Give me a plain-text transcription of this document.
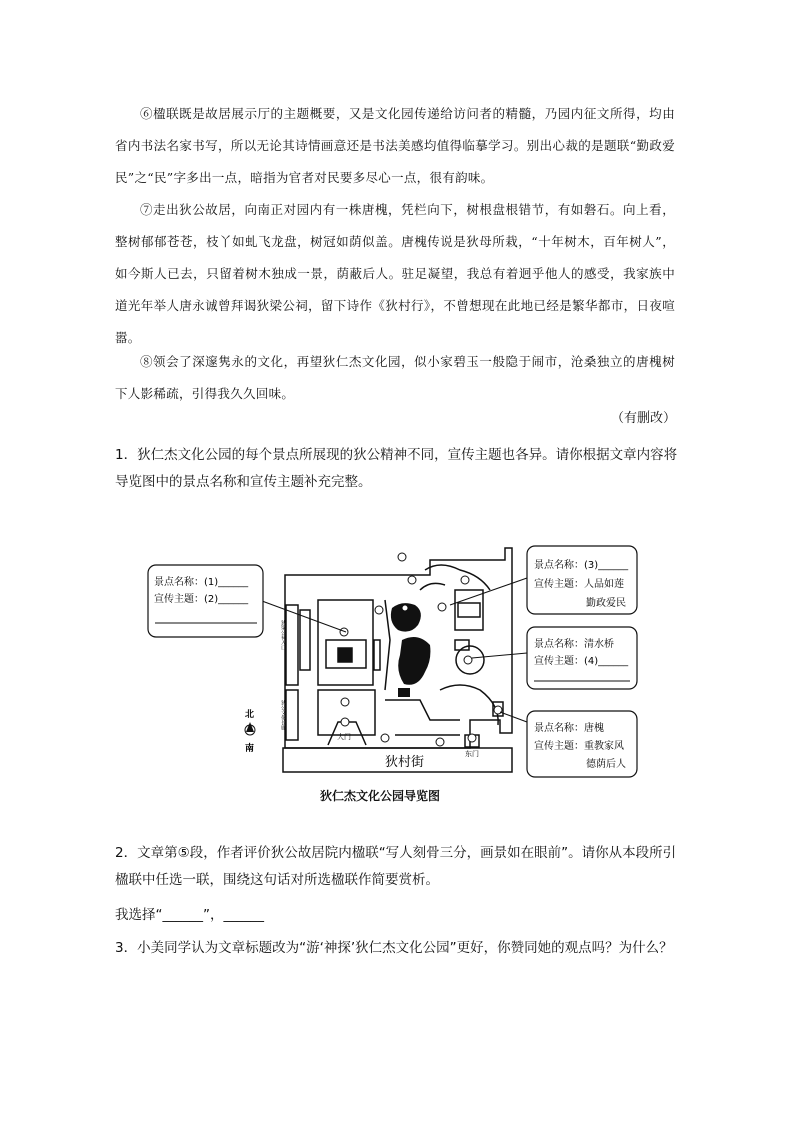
⑥楹联既是故居展示厅的主题概要，又是文化园传递给访问者的精髓，乃园内征文所得，均由省内书法名家书写，所以无论其诗情画意还是书法美感均值得临摹学习。别出心裁的是题联“勤政爱民”之“民”字多出一点，暗指为官者对民要多尽心一点，很有韵味。

⑦走出狄公故居，向南正对园内有一株唐槐，凭栏向下，树根盘根错节，有如磐石。向上看，整树郁郁苍苍，枝丫如虬飞龙盘，树冠如荫似盖。唐槐传说是狄母所栽，“十年树木，百年树人”，如今斯人已去，只留着树木独成一景，荫蔽后人。驻足凝望，我总有着迥乎他人的感受，我家族中道光年举人唐永诚曾拜谒狄梁公祠，留下诗作《狄村行》，不曾想现在此地已经是繁华都市，日夜喧嚣。

⑧领会了深邃隽永的文化，再望狄仁杰文化园，似小家碧玉一般隐于闹市，沧桑独立的唐槐树下人影稀疏，引得我久久回味。

（有删改）

1．狄仁杰文化公园的每个景点所展现的狄公精神不同，宣传主题也各异。请你根据文章内容将导览图中的景点名称和宣传主题补充完整。

景点名称：(1)______
宣传主题：(2)______
景点名称：(3)______
宣传主题：人品如莲
勤政爱民
景点名称：清水桥
宣传主题：(4)______
景点名称：唐槐
宣传主题：重教家风
德荫后人
狄村街
大门
东门
狄梁公祠入口
狄公文化长廊
北
南
狄仁杰文化公园导览图

2．文章第⑤段，作者评价狄公故居院内楹联“写人刻骨三分，画景如在眼前”。请你从本段所引楹联中任选一联，围绕这句话对所选楹联作简要赏析。

我选择“______”，______

3．小美同学认为文章标题改为“游‘神探’狄仁杰文化公园”更好，你赞同她的观点吗？为什么？
